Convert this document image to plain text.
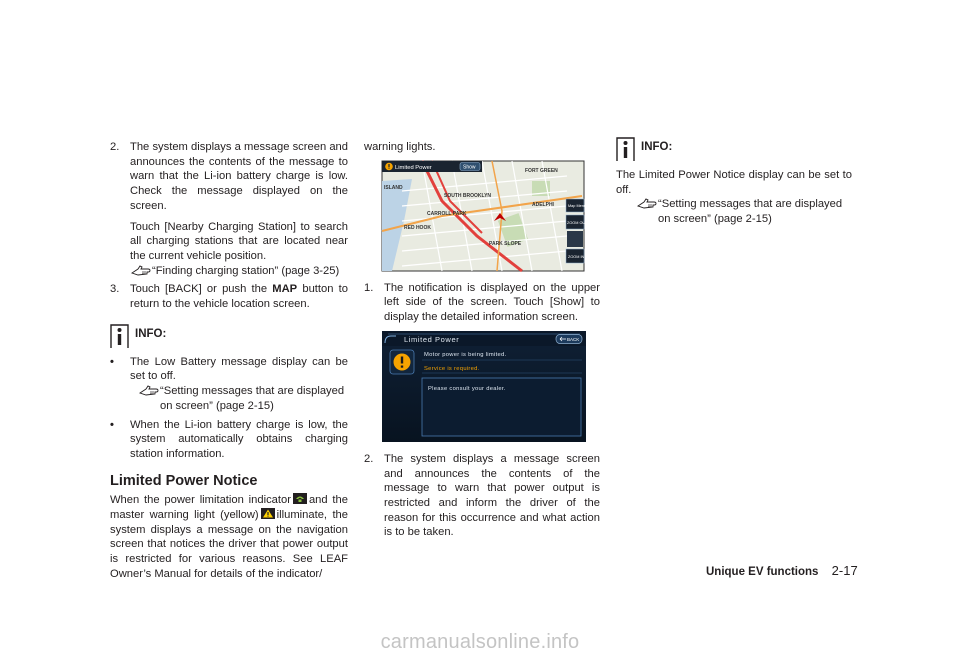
2. The system displays a message screen and announces the contents of the message to warn that the Li-ion battery charge is low. Check the message displayed on the screen.

Touch [Nearby Charging Station] to search all charging stations that are located near the current vehicle position.

“Finding charging station” (page 3-25)
3. Touch [BACK] or push the MAP button to return to the vehicle location screen.
INFO:
•	The Low Battery message display can be set to off.
“Setting messages that are displayed on screen” (page 2-15)
•	When the Li-ion battery charge is low, the system automatically obtains charging station information.
Limited Power Notice

When the power limitation indicator and the master warning light (yellow) illuminate, the system displays a message on the navigation screen that notices the driver that power output is restricted for various reasons. See LEAF Owner’s Manual for details of the indicator/

warning lights.

FORT GREEN
ISLAND
SOUTH BROOKLYN
ADELPHI
CARROLL PARK
RED HOOK
PARK SLOPE
Limited Power	Show
Map Menu
ZOOM OUT
ZOOM IN
1. The notification is displayed on the upper left side of the screen. Touch [Show] to display the detailed information screen.
Limited Power	BACK
Motor power is being limited.
Service is required.
Please consult your dealer.
2. The system displays a message screen and announces the contents of the message to warn that power output is restricted and inform the driver of the reason for this occurrence and what action is to be taken.
INFO:

The Limited Power Notice display can be set to off.

“Setting messages that are displayed on screen” (page 2-15)
Unique EV functions 2-17
carmanualsonline.info
